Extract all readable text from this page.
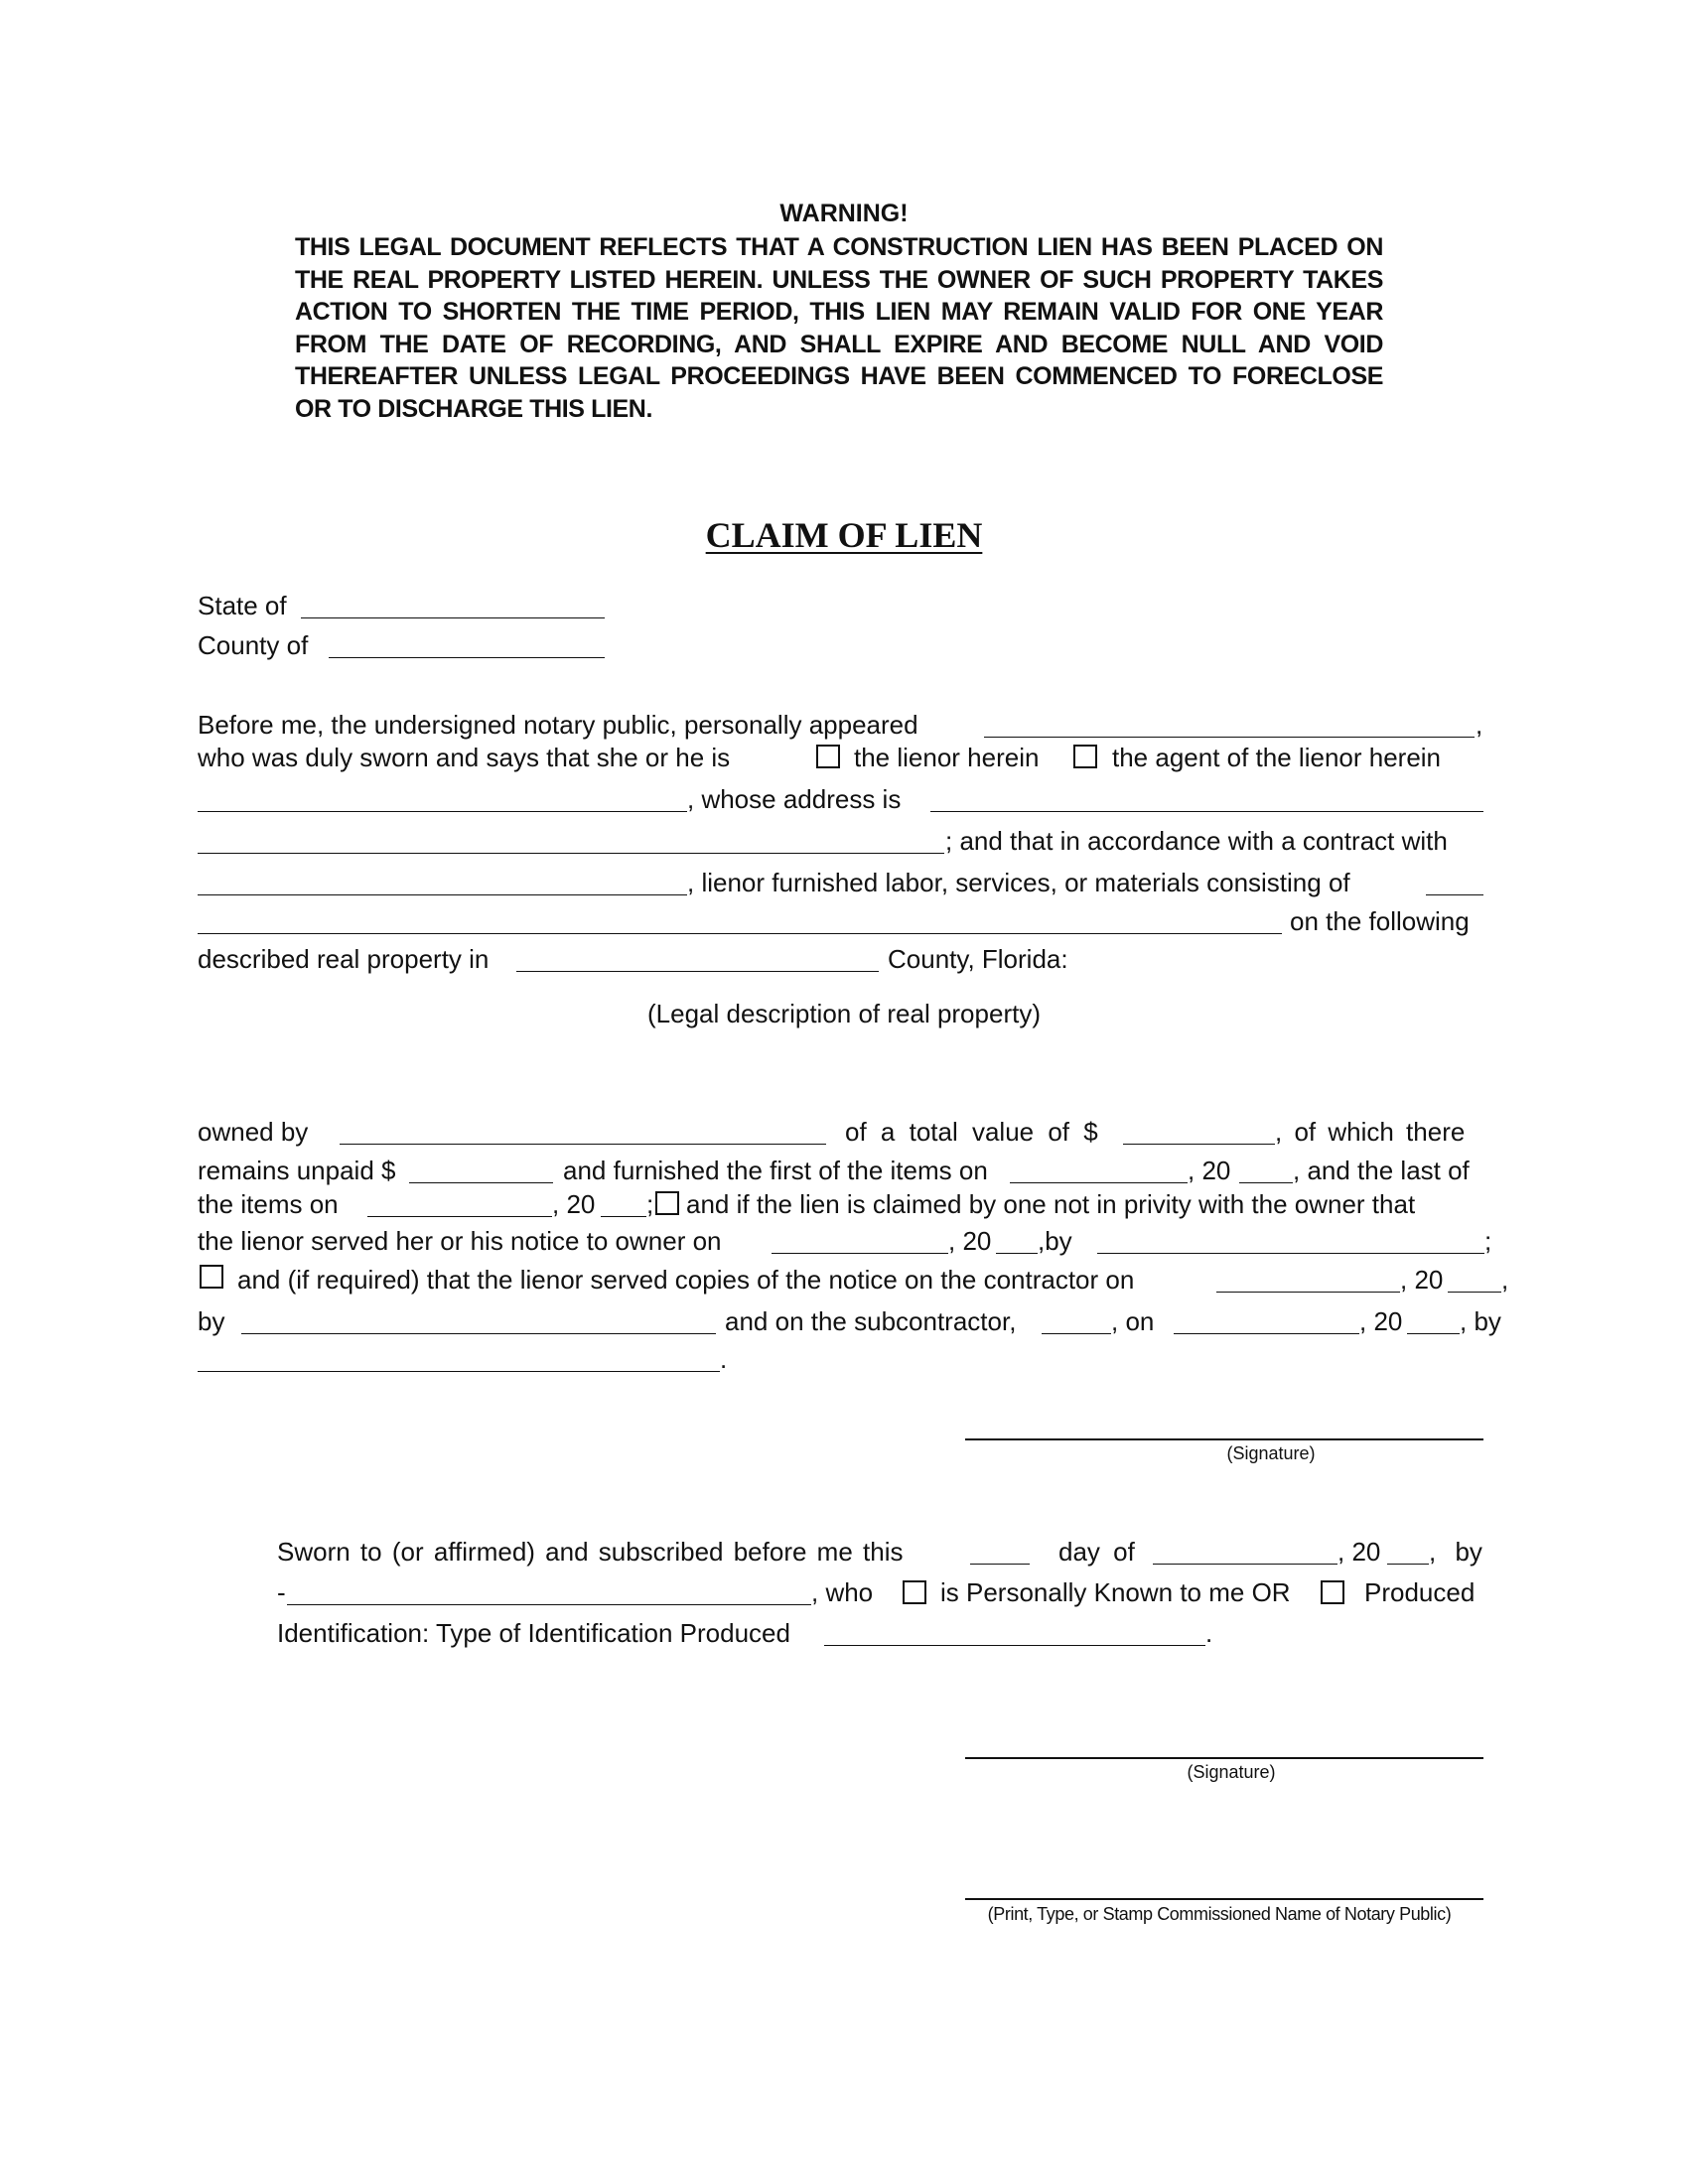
WARNING!
THIS LEGAL DOCUMENT REFLECTS THAT A CONSTRUCTION LIEN HAS BEEN PLACED ON THE REAL PROPERTY LISTED HEREIN. UNLESS THE OWNER OF SUCH PROPERTY TAKES ACTION TO SHORTEN THE TIME PERIOD, THIS LIEN MAY REMAIN VALID FOR ONE YEAR FROM THE DATE OF RECORDING, AND SHALL EXPIRE AND BECOME NULL AND VOID THEREAFTER UNLESS LEGAL PROCEEDINGS HAVE BEEN COMMENCED TO FORECLOSE OR TO DISCHARGE THIS LIEN.
CLAIM OF LIEN
State of
County of
Before me, the undersigned notary public, personally appeared	,
who was duly sworn and says that she or he is	the lienor herein	the agent of the lienor herein
, whose address is
; and that in accordance with a contract with
, lienor furnished labor, services, or materials consisting of
on the following
described real property in	County, Florida:
(Legal description of real property)
owned by	of a total value of $	, of which there
remains unpaid $	and furnished the first of the items on	, 20 , and the last of
the items on	, 20 ; and if the lien is claimed by one not in privity with the owner that
the lienor served her or his notice to owner on	, 20 ,by	;
and (if required) that the lienor served copies of the notice on the contractor on	, 20 ,
by	and on the subcontractor,	, on	, 20 , by
.
(Signature)
Sworn to (or affirmed) and subscribed before me this	day of	, 20 , by
-	, who	is Personally Known to me OR	Produced
Identification: Type of Identification Produced	.
(Signature)
(Print, Type, or Stamp Commissioned Name of Notary Public)
